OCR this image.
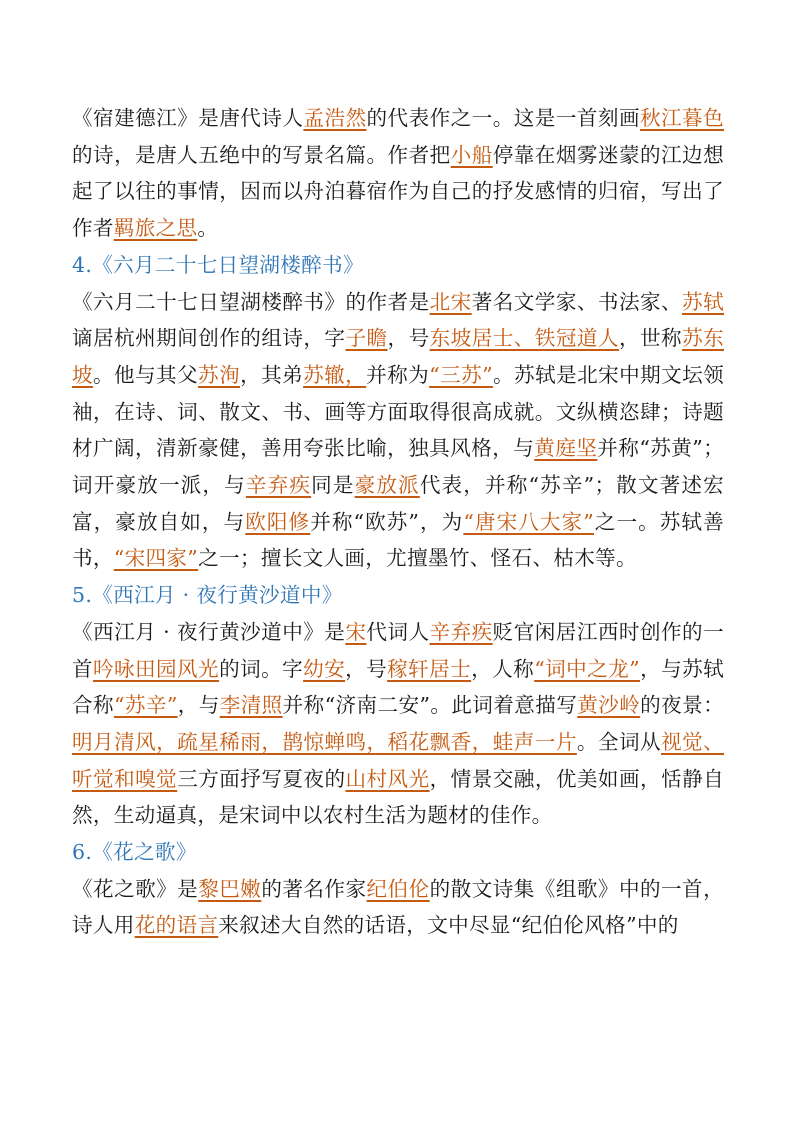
《宿建德江》是唐代诗人孟浩然的代表作之一。这是一首刻画秋江暮色的诗，是唐人五绝中的写景名篇。作者把小船停靠在烟雾迷蒙的江边想起了以往的事情，因而以舟泊暮宿作为自己的抒发感情的归宿，写出了作者羁旅之思。

4.《六月二十七日望湖楼醉书》

《六月二十七日望湖楼醉书》的作者是北宋著名文学家、书法家、苏轼谪居杭州期间创作的组诗，字子瞻，号东坡居士、铁冠道人，世称苏东坡。他与其父苏洵，其弟苏辙，并称为“三苏”。苏轼是北宋中期文坛领袖，在诗、词、散文、书、画等方面取得很高成就。文纵横恣肆；诗题材广阔，清新豪健，善用夸张比喻，独具风格，与黄庭坚并称“苏黄”；词开豪放一派，与辛弃疾同是豪放派代表，并称“苏辛”；散文著述宏富，豪放自如，与欧阳修并称“欧苏”，为“唐宋八大家”之一。苏轼善书，“宋四家”之一；擅长文人画，尤擅墨竹、怪石、枯木等。

5.《西江月 · 夜行黄沙道中》

《西江月 · 夜行黄沙道中》是宋代词人辛弃疾贬官闲居江西时创作的一首吟咏田园风光的词。字幼安，号稼轩居士，人称“词中之龙”，与苏轼合称“苏辛”，与李清照并称“济南二安”。此词着意描写黄沙岭的夜景：明月清风，疏星稀雨，鹊惊蝉鸣，稻花飘香，蛙声一片。全词从视觉、听觉和嗅觉三方面抒写夏夜的山村风光，情景交融，优美如画，恬静自然，生动逼真，是宋词中以农村生活为题材的佳作。

6.《花之歌》

《花之歌》是黎巴嫩的著名作家纪伯伦的散文诗集《组歌》中的一首，诗人用花的语言来叙述大自然的话语，文中尽显“纪伯伦风格”中的
